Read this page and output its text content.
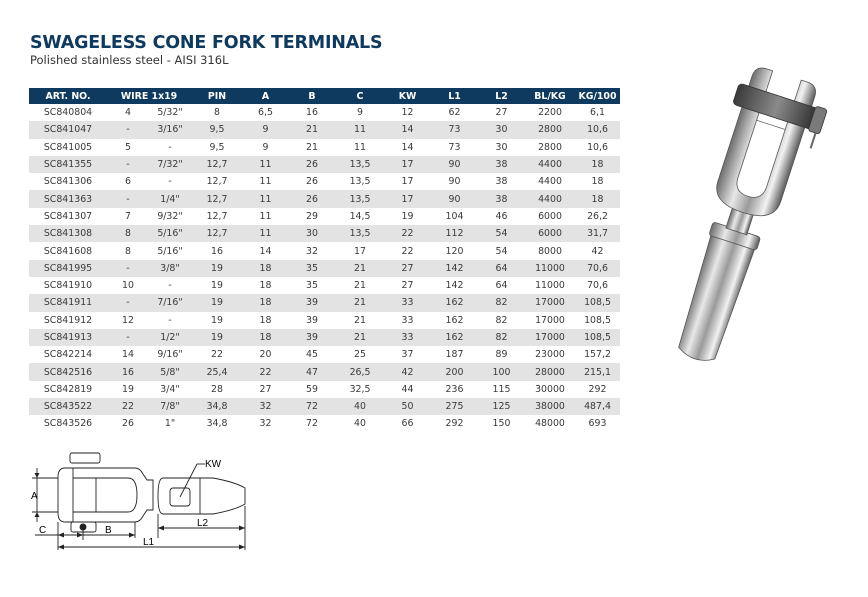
SWAGELESS CONE FORK TERMINALS

Polished stainless steel - AISI 316L

ART. NO.	WIRE 1x19		PIN	A	B	C	KW	L1	L2	BL/KG	KG/100
SC840804	4	5/32"	8	6,5	16	9	12	62	27	2200	6,1
SC841047	-	3/16"	9,5	9	21	11	14	73	30	2800	10,6
SC841005	5	-	9,5	9	21	11	14	73	30	2800	10,6
SC841355	-	7/32"	12,7	11	26	13,5	17	90	38	4400	18
SC841306	6	-	12,7	11	26	13,5	17	90	38	4400	18
SC841363	-	1/4"	12,7	11	26	13,5	17	90	38	4400	18
SC841307	7	9/32"	12,7	11	29	14,5	19	104	46	6000	26,2
SC841308	8	5/16"	12,7	11	30	13,5	22	112	54	6000	31,7
SC841608	8	5/16"	16	14	32	17	22	120	54	8000	42
SC841995	-	3/8"	19	18	35	21	27	142	64	11000	70,6
SC841910	10	-	19	18	35	21	27	142	64	11000	70,6
SC841911	-	7/16"	19	18	39	21	33	162	82	17000	108,5
SC841912	12	-	19	18	39	21	33	162	82	17000	108,5
SC841913	-	1/2"	19	18	39	21	33	162	82	17000	108,5
SC842214	14	9/16"	22	20	45	25	37	187	89	23000	157,2
SC842516	16	5/8"	25,4	22	47	26,5	42	200	100	28000	215,1
SC842819	19	3/4"	28	27	59	32,5	44	236	115	30000	292
SC843522	22	7/8"	34,8	32	72	40	50	275	125	38000	487,4
SC843526	26	1"	34,8	32	72	40	66	292	150	48000	693
KW
A
B
C
L1
L2
